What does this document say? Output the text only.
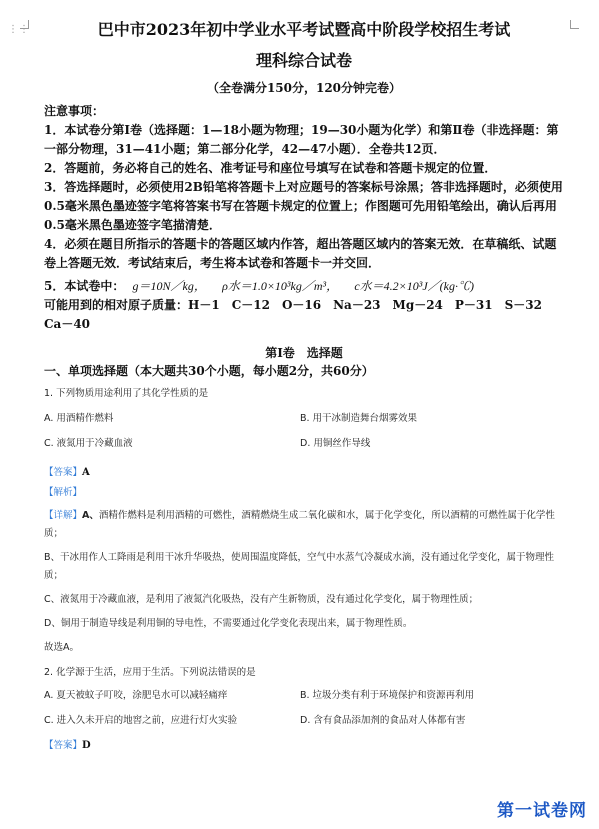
⋮⋮	巴中市2023年初中学业水平考试暨高中阶段学校招生考试
理科综合试卷

（全卷满分150分，120分钟完卷）

注意事项：

1．本试卷分第Ⅰ卷（选择题：1—18小题为物理；19—30小题为化学）和第Ⅱ卷（非选择题：第一部分物理，31—41小题；第二部分化学，42—47小题）．全卷共12页．

2．答题前，务必将自己的姓名、准考证号和座位号填写在试卷和答题卡规定的位置．

3．答选择题时，必须使用2B铅笔将答题卡上对应题号的答案标号涂黑；答非选择题时，必须使用0.5毫米黑色墨迹签字笔将答案书写在答题卡规定的位置上；作图题可先用铅笔绘出，确认后再用0.5毫米黑色墨迹签字笔描清楚．

4．必须在题目所指示的答题卡的答题区域内作答，超出答题区域内的答案无效．在草稿纸、试题卷上答题无效．考试结束后，考生将本试卷和答题卡一并交回．

5．本试卷中： g＝10N／kg， ρ水＝1.0×10³kg／m³， c水＝4.2×10³J／(kg·℃)

可能用到的相对原子质量：H－1　C－12　O－16　Na－23　Mg－24　P－31　S－32　Ca－40

第Ⅰ卷　选择题

一、单项选择题（本大题共30个小题，每小题2分，共60分）

1. 下列物质用途利用了其化学性质的是

A. 用酒精作燃料	B. 用干冰制造舞台烟雾效果

C. 液氮用于冷藏血液	D. 用铜丝作导线

【答案】A

【解析】

【详解】A、酒精作燃料是利用酒精的可燃性，酒精燃烧生成二氧化碳和水，属于化学变化，所以酒精的可燃性属于化学性质；

B、干冰用作人工降雨是利用干冰升华吸热，使周围温度降低，空气中水蒸气冷凝成水滴，没有通过化学变化，属于物理性质；

C、液氮用于冷藏血液，是利用了液氮汽化吸热，没有产生新物质，没有通过化学变化，属于物理性质；

D、铜用于制造导线是利用铜的导电性，不需要通过化学变化表现出来，属于物理性质。

故选A。

2. 化学源于生活，应用于生活。下列说法错误的是

A. 夏天被蚊子叮咬，涂肥皂水可以减轻痛痒	B. 垃圾分类有利于环境保护和资源再利用

C. 进入久未开启的地窖之前，应进行灯火实验	D. 含有食品添加剂的食品对人体都有害

【答案】D

第一试卷网
